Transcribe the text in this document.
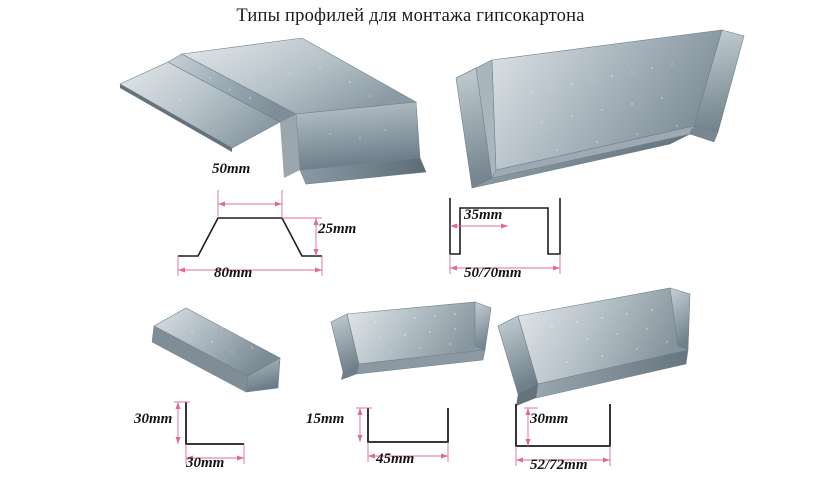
Типы профилей для монтажа гипсокартона
50mm
80mm
25mm
35mm
50/70mm
30mm
30mm
15mm
45mm
30mm
52/72mm
